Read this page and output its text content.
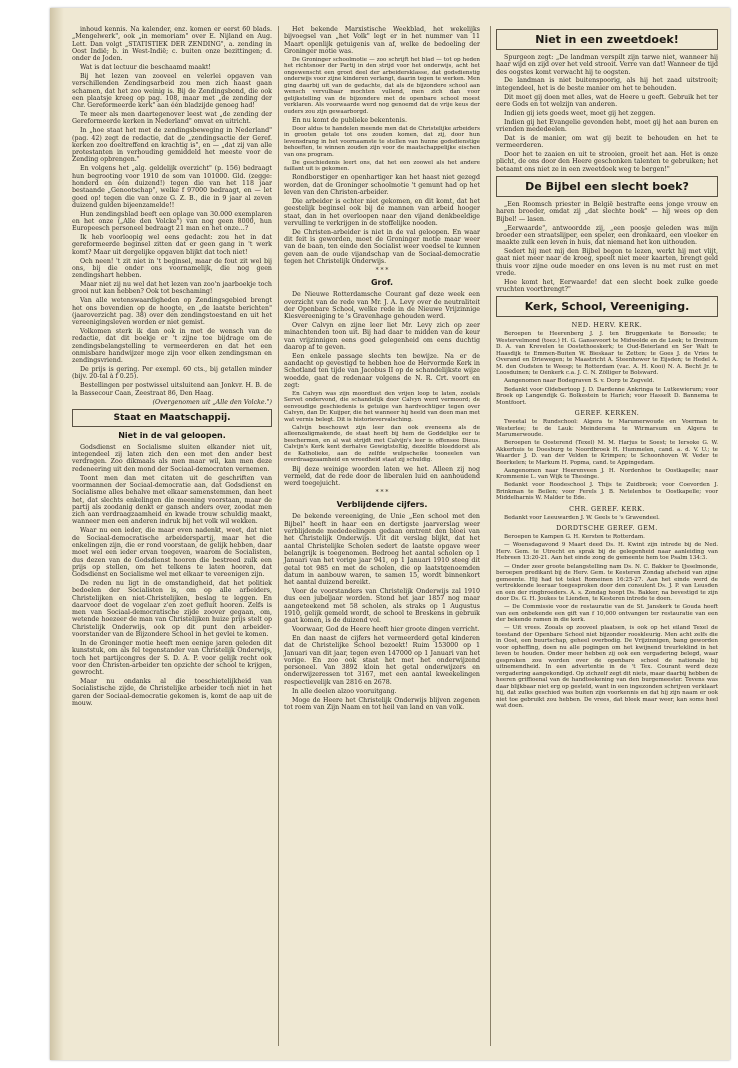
inhoud kennis. Na kalender, enz. komen er eerst 60 blads. „Mengelwerk", ook „in memoriam" over E. Nijland en Aug. Lett. Dan volgt „STATISTIEK DER ZENDING", a. zending in Oost Indië; b. in West-Indië; c. buiten onze bezittingen; d. onder de Joden.

Wat is dat lectuur die beschaamd maakt!

Bij het lezen van zooveel en velerlei opgaven van verschillenden Zendingsarbeid zou men zich haast gaan schamen, dat het zoo weinig is. Bij de Zendingsbond, die ook een plaatsje kreeg op pag. 108, maar met „de zending der Chr. Gereformeerde kerk" aan één bladzijde genoeg had!

Te meer als men daartegenover leest wat „de zending der Gereformeerde kerken in Nederland" omvat en uitricht.

In „hoe staat het met de zendingsbeweging in Nederland" (pag. 42) zegt de redactie, dat de „zendingsactie der Geref. kerken zoo doeltreffend en krachtig is", en — „dat zij van alle protestanten in verhouding gemiddeld het meeste voor de Zending opbrengen."

En volgens het „alg. geldelijk overzicht" (p. 156) bedraagt hun begrooting voor 1910 de som van 101000. Gld. (zegge: honderd en één duizend!) tegen die van het 118 jaar bestaande „Genootschap", welke f 97000 bedraagt, en — let goed op! tegen die van onze G. Z. B., die in 9 jaar al zeven duizend gulden bijeenzamelde!!

Hun zendingsblad beeft een oplage van 30.000 exemplaren en het onze („Alle den Volcke") van nog geen 8000, hun Europeesch personeel bedraagt 21 man en het onze...?

Ik heb voorloopig wel eens gedacht: zou het in dat gereformeerde beginsel zitten dat er geen gang in 't werk komt? Maar uit dergelijke opgaven blijkt dat toch niet!

Och neen! 't zit niet in 't beginsel, maar de fout zit wel bij ons, bij die onder ons voornamelijk, die nog geen zendingshart hebben.

Maar niet zij nu wel dat het lezen van zoo'n jaarboekje toch grooi nut kan hebben? Ook tot beschaming!

Van alle wetenswaardigheden op Zendingsgebied brengt het ons bovendien op de hoogte, en „de laatste berichten" (jaaroverzicht pag. 38) over den zendingstoestand en uit het vereenigingsleven worden er niet gemist.

Volkomen sterk ik dan ook in met de wensch van de redactie, dat dit boekje er 't zijne toe bijdrage om de zendingsbelangstelling te vermeerderen en dat het een onmisbare handwijzer moge zijn voor elken zendingsman en zendingsvriend.

De prijs is gering. Per exempl. 60 cts., bij getallen minder (bijv. 20-tal à f 0.25).

Bestellingen per postwissel uitsluitend aan Jonkvr. H. B. de la Bassecour Caan, Zeestraat 86, Den Haag.

(Overgenomen uit „Alle den Volcke.")
Staat en Maatschappij.
Niet in de val geloopen.

Godsdienst en Socialisme sluiten elkander niet uit, integendeel zij laten zich den een met den ander best verdragen. Zoo dikmaals als men maar wil, kan men deze redeneering uit den mond der Sociaal-democraten vernemen.

Toont men dan met citaten uit de geschriften van voormannen der Sociaal-democratie aan, dat Godsdienst en Socialisme alles behalve met elkaar samenstemmen, dan heet het, dat slechts enkelingen die meening voorstaan, maar de partij als zoodanig denkt er gansch anders over, zoodat men zich aan verdraagzaamheid en kwade trouw schuldig maakt, wanneer men een anderen indruk bij het volk wil wekken.

Waar nu een ieder, die maar even nadenkt, weet, dat niet de Sociaal-democratische arbeiderspartij, maar het die enkelingen zijn, die er rond voorstaan, de gelijk hebben, daar moet wel een ieder ervan toegeven, waarom de Socialisten, dus dezen van de Godsdienst hooren die bestreed zulk een prijs op stellen, om het telkens te laten hooren, dat Godsdienst en Socialisme wel met elkaar te vereenigen zijn.

De reden nu ligt in de omstandigheid, dat het politiek bedoelen der Socialisten is, om op alle arbeiders, Christelijken en niet-Christelijken, beslag te leggen. En daarvoor doet de vogelaar z'en zoet gefluit hooren. Zelfs is men van Sociaal-democratische zijde zoover gegaan, om, wetende hoezeer de man van Christelijken huize prijs stelt op Christelijk Onderwijs, ook op dit punt den arbeider-voorstander van de Bijzondere School in het gevlei te komen.

In de Groninger motie heeft men eenige jaren geleden dit kunststuk, om als fel tegenstander van Christelijk Onderwijs, toch het partijcongres der S. D. A. P. voor gelijk recht ook voor den Christen-arbeider ten opzichte der school te krijgen, gewrocht.

Maar nu ondanks al die toeschietelijkheid van Socialistische zijde, de Christelijke arbeider toch niet in het garen der Sociaal-democratie gekomen is, komt de aap uit de mouw.

Het bekende Marxistische Weekblad, het wekelijks bijvoegsel van „het Volk" legt er in het nummer van 11 Maart openlijk getuigenis van af, welke de bedoeling der Groninger motie was.

De Groninger schoolmotie — zoo schrijft het blad — tot op heden het richtsnoer der Partij in den strijd voor het onderwijs, acht het ongewenscht een groot deel der arbeidersklasse, dat godsdienstig onderwijs voor zijne kinderen verlangt, daarin tegen te werken. Men ging daarbij uit van de gedachte, dat als de bijzondere school aan wensch vervulbaar mochten vullend, men zich dan voor gelijkstelling van de bijzondere met de openbare school moest verklaren. Als voorwaarde werd nog genoemd dat de vrije keus der ouders zou zijn gewaarborgd.

En nu komt de publieke bekentenis.

Door aldus te handelen meende men dat de Christelijke arbeiders in grooten getale tot ons zouden komen, dat zij, door hun levensdrang in het voornaamste te stellen van hunne godsdienstige behoeften, te winnen zouden zijn voor de maatschappelijke eischen van ons program.

De geschiedenis leert ons, dat het een zoowel als het andere faillant uit is gekomen.

Rondborstiger en openhartiger kan het haast niet gezegd worden, dat de Groninger schoolmotie 't gemunt had op het leven van den Christen-arbeider.

Die arbeider is echter niet gekomen, en dit komt, dat het geestelijk beginsel ook bij de mannen van arbeid hooger staat, dan in het overloopen naar den vijand denkbeeldige vervulling te verkrijgen in de stoffelijke nooden.

De Christen-arbeider is niet in de val geloopen. En waar dit feit is geworden, moet de Groninger motie maar weer van de baan, ten einde den Socialist weer voedsel te kunnen geven aan de oude vijandschap van de Sociaal-democratie tegen het Christelijk Onderwijs.

* * *
Grof.

De Nieuwe Rotterdamsche Courant gaf deze week een overzicht van de rede van Mr. J. A. Levy over de neutraliteit der Openbare School, welke rede in de Nieuwe Vrijzinnige Kiesvereeniging te 's Gravenhage gehouden werd.

Over Calvyn en zijne leer liet Mr. Levy zich op zeer minachtenden toon uit. Bij had daar te midden van de keur van vrijzinnigen eens goed gelegenheid om eens duchtig daarop af te geven.

Een enkele passage slechts ten bewijze. Na er de aandacht op gevestigd te hebben hoe de Hervormde Kerk in Schotland ten tijde van Jacobus II op de schandelijkste wijze woedde, gaat de redenaar volgens de N. R. Crt. voort en zegt:

En Calvyn was zijn moordlust den vrijen loop te laten, zoolals Servet ondervond, die schandelijk door Calvyn werd vermoord; de eenvoudige geschiedenis is getuige van hardvochtiger tegen over Calvyn, dan Dr. Kuijper, die het wanneer hij heeld van deen man met wat vernis belegt. Dit is historievervalsching.

Calvijn beschouwt zijn leer dan ook eveneens als de alleenzaligmakende, de staat heeft bij hem de Goddelijke eer te beschermen, en al wat strijdt met Calvijn's leer is offensee Dieus. Calvijn's Kerk kent derhalve Gewigtsteltig, dezelfde bloeddorst als de Katholieke, aan de zelfde wulpscheike tooneelen van overdraagzaamheid en wreedheid staat zij schuldig.

Bij deze weinige woorden laten we het. Alleen zij nog vermeld, dat de rede door de liberalen luid en aanhoudend werd toegejuicht.

* * *
Verblijdende cijfers.

De bekende vereeniging, de Unie „Een school met den Bijbel" heeft in haar een en dertigste jaarverslag weer verblijdende mededeelingen gedaan omtrent den bloei van het Christelijk Onderwijs. Uit dit verslag blijkt, dat het aantal Christelijke Scholen sedert de laatste opgave weer belangrijk is toegenomen. Bedroeg het aantal scholen op 1 Januari van het vorige jaar 941, op 1 Januari 1910 steeg dit getal tot 985 en met de scholen, die op laatstgenoemden datum in aanbouw waren, te samen 15, wordt binnenkort het aantal duizend bereikt.

Voor de voorstanders van Christelijk Onderwijs zal 1910 dus een jubeljaar worden. Stond het jaar 1857 nog maar aangeteekend met 58 scholen, als straks op 1 Augustus 1910, gelijk gemeld wordt, de school te Breskens in gebruik gaat komen, is de duizend vol.

Voorwaar, God de Heere heeft hier groote dingen verricht.

En dan naast de cijfers het vermeerderd getal kinderen dat de Christelijke School bezoekt! Ruim 153000 op 1 Januari van dit jaar, tegen even 147000 op 1 Januari van het vorige. En zoo ook staat het met het onderwijzend personeel. Van 3892 kloin het getal onderwijzers en onderwijzeressen tot 3167, met een aantal kweekelingen respectievelijk van 2816 en 2678.

In alle deelen alzoo vooruitgang.

Moge de Heere het Christelijk Onderwijs blijven zegenen tot roem van Zijn Naam en tot heil van land en van volk.

Niet in een zweetdoek!

Spurgeon zegt: „De landman verspilt zijn tarwe niet, wanneer hij haar wijd en zijd over het veld strooit. Verre van dat! Wanneer de tijd des oogstes komt verwacht hij te oogsten.

De landman is niet buitenspoorig, als hij het zaad uitstrooit; integendeel, het is de beste manier om het te behouden.

Dit moet gij doen met alles, wat de Heere u geeft. Gebruik het ter eere Gods en tot welzijn van anderen.

Indien gij iets goeds weet, moet gij het zeggen.

Indien gij het Evangelie gevonden hebt, moet gij het aan buren en vrienden mededeelen.

Dat is de manier, om wat gij bezit te behouden en het te vermeerderen.

Door het te zaaien en uit te strooien, groeit het aan. Het is onze plicht, de ons door den Heere geschonken talenten te gebruiken; het betaamt ons niet ze in een zweetdoek weg te bergen!"

De Bijbel een slecht boek?

„Een Roomsch priester in België bestrafte eens jonge vrouw en haren broeder, omdat zij „dat slechte boek" — hij wees op den Bijbel! — lasen.

„Eerwaarde", antwoordde zij, „een poosje geleden was mijn broeder een straatslijper, een speler, een dronkaard, een vloeker en maakte zulk een leven in huis, dat niemand het kon uithouden.

Sedert hij met mij den Bijbel begon te lezen, werkt hij met vlijt, gaat niet meer naar de kroeg, speelt niet meer kaarten, brengt geld thuis voor zijne oude moeder en ons leven is nu met rust en met vrede.

Hoe komt het, Eerwaarde! dat een slecht boek zulke goede vruchten voortbrengt?"

Kerk, School, Vereeniging.
NED. HERV. KERK.

Beroepen te Heerenberg J. J. ten Bruggenkate te Borssele; te Westervelmond (toez.) H. G. Gansevoort te Midwolde en de Leek; te Dreinum D. A. van Krevelen te Oostethoeskerk; te Oud-Beierland en Ser Walt te Haasdijk te Emmen-Buiten W. Bieskaar te Zetten; te Goes J. de Vries te Overand en Driewegen; te Maastricht A. Steenhower te Eijsden; te Hedel A. M. den Oudsten te Weesp; te Rotterdam (vac. A. H. Kooi) N. A. Becht Jr. te Loosduinen; te Oenkerk c.a. J. C. N. Zölliger te Bolsward.

Aangenomen naar Bodegraven S. v. Dorp te Zegveld.

Bedankt voor Oldebertoop J. D. Dardenne Ankringa te Lutkewierum; voor Broek op Langendijk G. Bolkestein te Harich; voor Hasselt D. Bannema te Montfoort.

GEREF. KERKEN.

Tweetal te Rundschool: Algera te Marumerwoude en Voerman te Westerlee; te de Lauk: Meindersma te Wirmarsum en Algera te Marumerwoude.

Beroepen te Oosterend (Texel) M. M. Harjus te Soest; te Iersoke G. W. Akkerhuis te Doesburg te Noordbroek H. Hummelen, cand. a. d. V. U.; te Waarder J. D. van der Velden te Krimpen; te Schoonhoven W. Veder te Beerkelen; te Markum H. Popma, cand. te Appingedam.

Aangenomen naar Heerenveen J. H. Nordenhoe te Oostkapelle; naar Krommenie L. van Wijk te Thesinge.

Bedankt voor Roodeschool J. Thijs te Zuidbroek; voor Coevorden J. Brinkman te Beilen; voor Ferels J. B. Netelenbos te Oostkapelle; voor Middelharnis W. Malder te Ede.

CHR. GEREF. KERK.

Bedankt voor Leeuwarden J. W. Geels te 's Gravendeel.

DORDTSCHE GEREF. GEM.

Beroepen te Kampen G. H. Kersten te Rotterdam.

— Woensdagavond 9 Maart deed Ds. H. Kwint zijn intrede bij de Ned. Herv. Gem. te Utrecht en sprak bij de gelegenheid naar aanleiding van Hebreen 13:20-21. Aan het einde zong de gemeente hem toe Psalm 134:3.

— Onder zeer groote belangstelling nam Ds. N. C. Bakker te IJsselmonde, beroepen predikant bij de Herv. Gem. te Kesteren Zondag afscheid van zijne gemeente. Hij had tot tekst Romeinen 16:25-27. Aan het einde werd de vertrekkende leeraar toegesproken door den consulent Ds. J. P. van Leusden en een der ringbroeders. A. s. Zondag hoopt Ds. Bakker, na bevestigd te zijn door Ds. G. H. Joukes te Lienden, te Kesteren intrede te doen.

— De Commissie voor de restauratie van de St. Janskerk te Gouda heeft van een onbekende een gift van f 10,000 ontvangen ter restauratie van een der bekende ramen in die kerk.

— Uit vrees. Zooals op zooveel plaatsen, is ook op het eiland Texel de toestand der Openbare School niet bijzonder rooskleurig. Men acht zelfs die in Oost, een buurtschap, geheel overbodig. De Vrijzinnigen, bang geworden voor opheffing, doen nu alle pogingen om het kwijnend treurleklind in het leven te houden. Onder meer hebben zij ook een vergadering belegd, waar gesproken zou worden over de openbare school de nationale bij uitnemendheid. In een advertentie in de 't Tex. Courant werd deze vergadering aangekondigd. Op zichzelf zegt dit niets, maar daarbij hebben de heeren griffioenal van de handteekening van den burgemeester. Tevens was daar blijkbaar niet erg op gesteld, want in een ingezonden schrijven verklaart hij, dat zulks geschied was buiten zijn voorkennis en dat hij zijn naam er ook niet toe gebruikt zou hebben. De vrees, dat bleek maar weer, kan soms heel wat doen.
